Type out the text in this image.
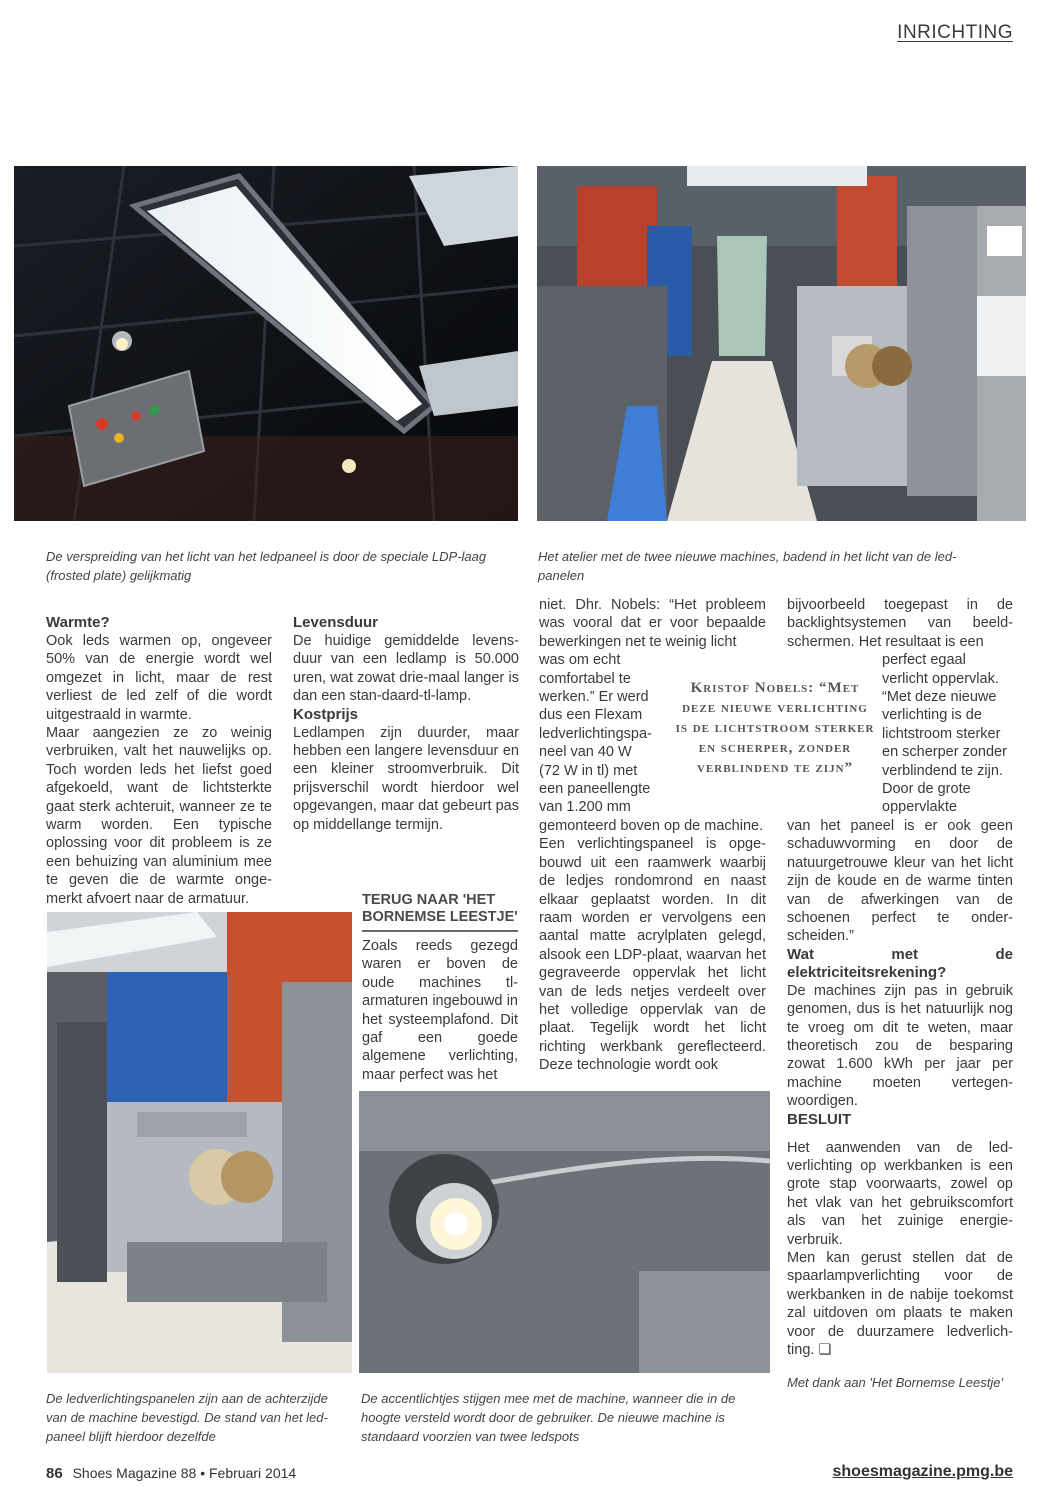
INRICHTING
De verspreiding van het licht van het ledpaneel is door de speciale LDP-laag (frosted plate) gelijkmatig
Het atelier met de twee nieuwe machines, badend in het licht van de led-panelen

Warmte?

Ook leds warmen op, ongeveer 50% van de energie wordt wel omgezet in licht, maar de rest verliest de led zelf of die wordt uitgestraald in warmte.

Maar aangezien ze zo weinig verbruiken, valt het nauwelijks op. Toch worden leds het liefst goed afgekoeld, want de lichtsterkte gaat sterk achteruit, wanneer ze te warm worden. Een typische oplossing voor dit probleem is ze een behuizing van aluminium mee te geven die de warmte onge-merkt afvoert naar de armatuur.

Levensduur

De huidige gemiddelde levens-duur van een ledlamp is 50.000 uren, wat zowat drie-maal langer is dan een stan-daard-tl-lamp.

Kostprijs

Ledlampen zijn duurder, maar hebben een langere levensduur en een kleiner stroomverbruik. Dit prijsverschil wordt hierdoor wel opgevangen, maar dat gebeurt pas op middellange termijn.

TERUG NAAR 'HET BORNEMSE LEESTJE'
Zoals reeds gezegd waren er boven de oude machines tl-armaturen ingebouwd in het systeemplafond. Dit gaf een goede algemene verlichting, maar perfect was het
De ledverlichtingspanelen zijn aan de achterzijde van de machine bevestigd. De stand van het led-paneel blijft hierdoor dezelfde
De accentlichtjes stijgen mee met de machine, wanneer die in de hoogte versteld wordt door de gebruiker. De nieuwe machine is standaard voorzien van twee ledspots

niet. Dhr. Nobels: “Het probleem was vooral dat er voor bepaalde bewerkingen net te weinig licht

was om echt

comfortabel te

werken.” Er werd

dus een Flexam

ledverlichtingspa-

neel van 40 W

(72 W in tl) met

een paneellengte

van 1.200 mm

gemonteerd boven op de machine.

Een verlichtingspaneel is opge-bouwd uit een raamwerk waarbij de ledjes rondomrond en naast elkaar geplaatst worden. In dit raam worden er vervolgens een aantal matte acrylplaten gelegd, alsook een LDP-plaat, waarvan het gegraveerde oppervlak het licht van de leds netjes verdeelt over het volledige oppervlak van de plaat. Tegelijk wordt het licht richting werkbank gereflecteerd. Deze technologie wordt ook

Kristof Nobels: “Met deze nieuwe verlichting is de lichtstroom sterker en scherper, zonder verblindend te zijn”

bijvoorbeeld toegepast in de backlightsystemen van beeld-schermen. Het resultaat is een

perfect egaal

verlicht oppervlak.

“Met deze nieuwe

verlichting is de

lichtstroom sterker

en scherper zonder

verblindend te zijn.

Door de grote

oppervlakte

van het paneel is er ook geen schaduwvorming en door de natuurgetrouwe kleur van het licht zijn de koude en de warme tinten van de afwerkingen van de schoenen perfect te onder-scheiden.”

Wat met de elektriciteitsrekening?

De machines zijn pas in gebruik genomen, dus is het natuurlijk nog te vroeg om dit te weten, maar theoretisch zou de besparing zowat 1.600 kWh per jaar per machine moeten vertegen-woordigen.

BESLUIT

Het aanwenden van de led-verlichting op werkbanken is een grote stap voorwaarts, zowel op het vlak van het gebruikscomfort als van het zuinige energie-verbruik.

Men kan gerust stellen dat de spaarlampverlichting voor de werkbanken in de nabije toekomst zal uitdoven om plaats te maken voor de duurzamere ledverlich-ting. ❑

Met dank aan 'Het Bornemse Leestje'

86 Shoes Magazine 88 • Februari 2014	shoesmagazine.pmg.be
